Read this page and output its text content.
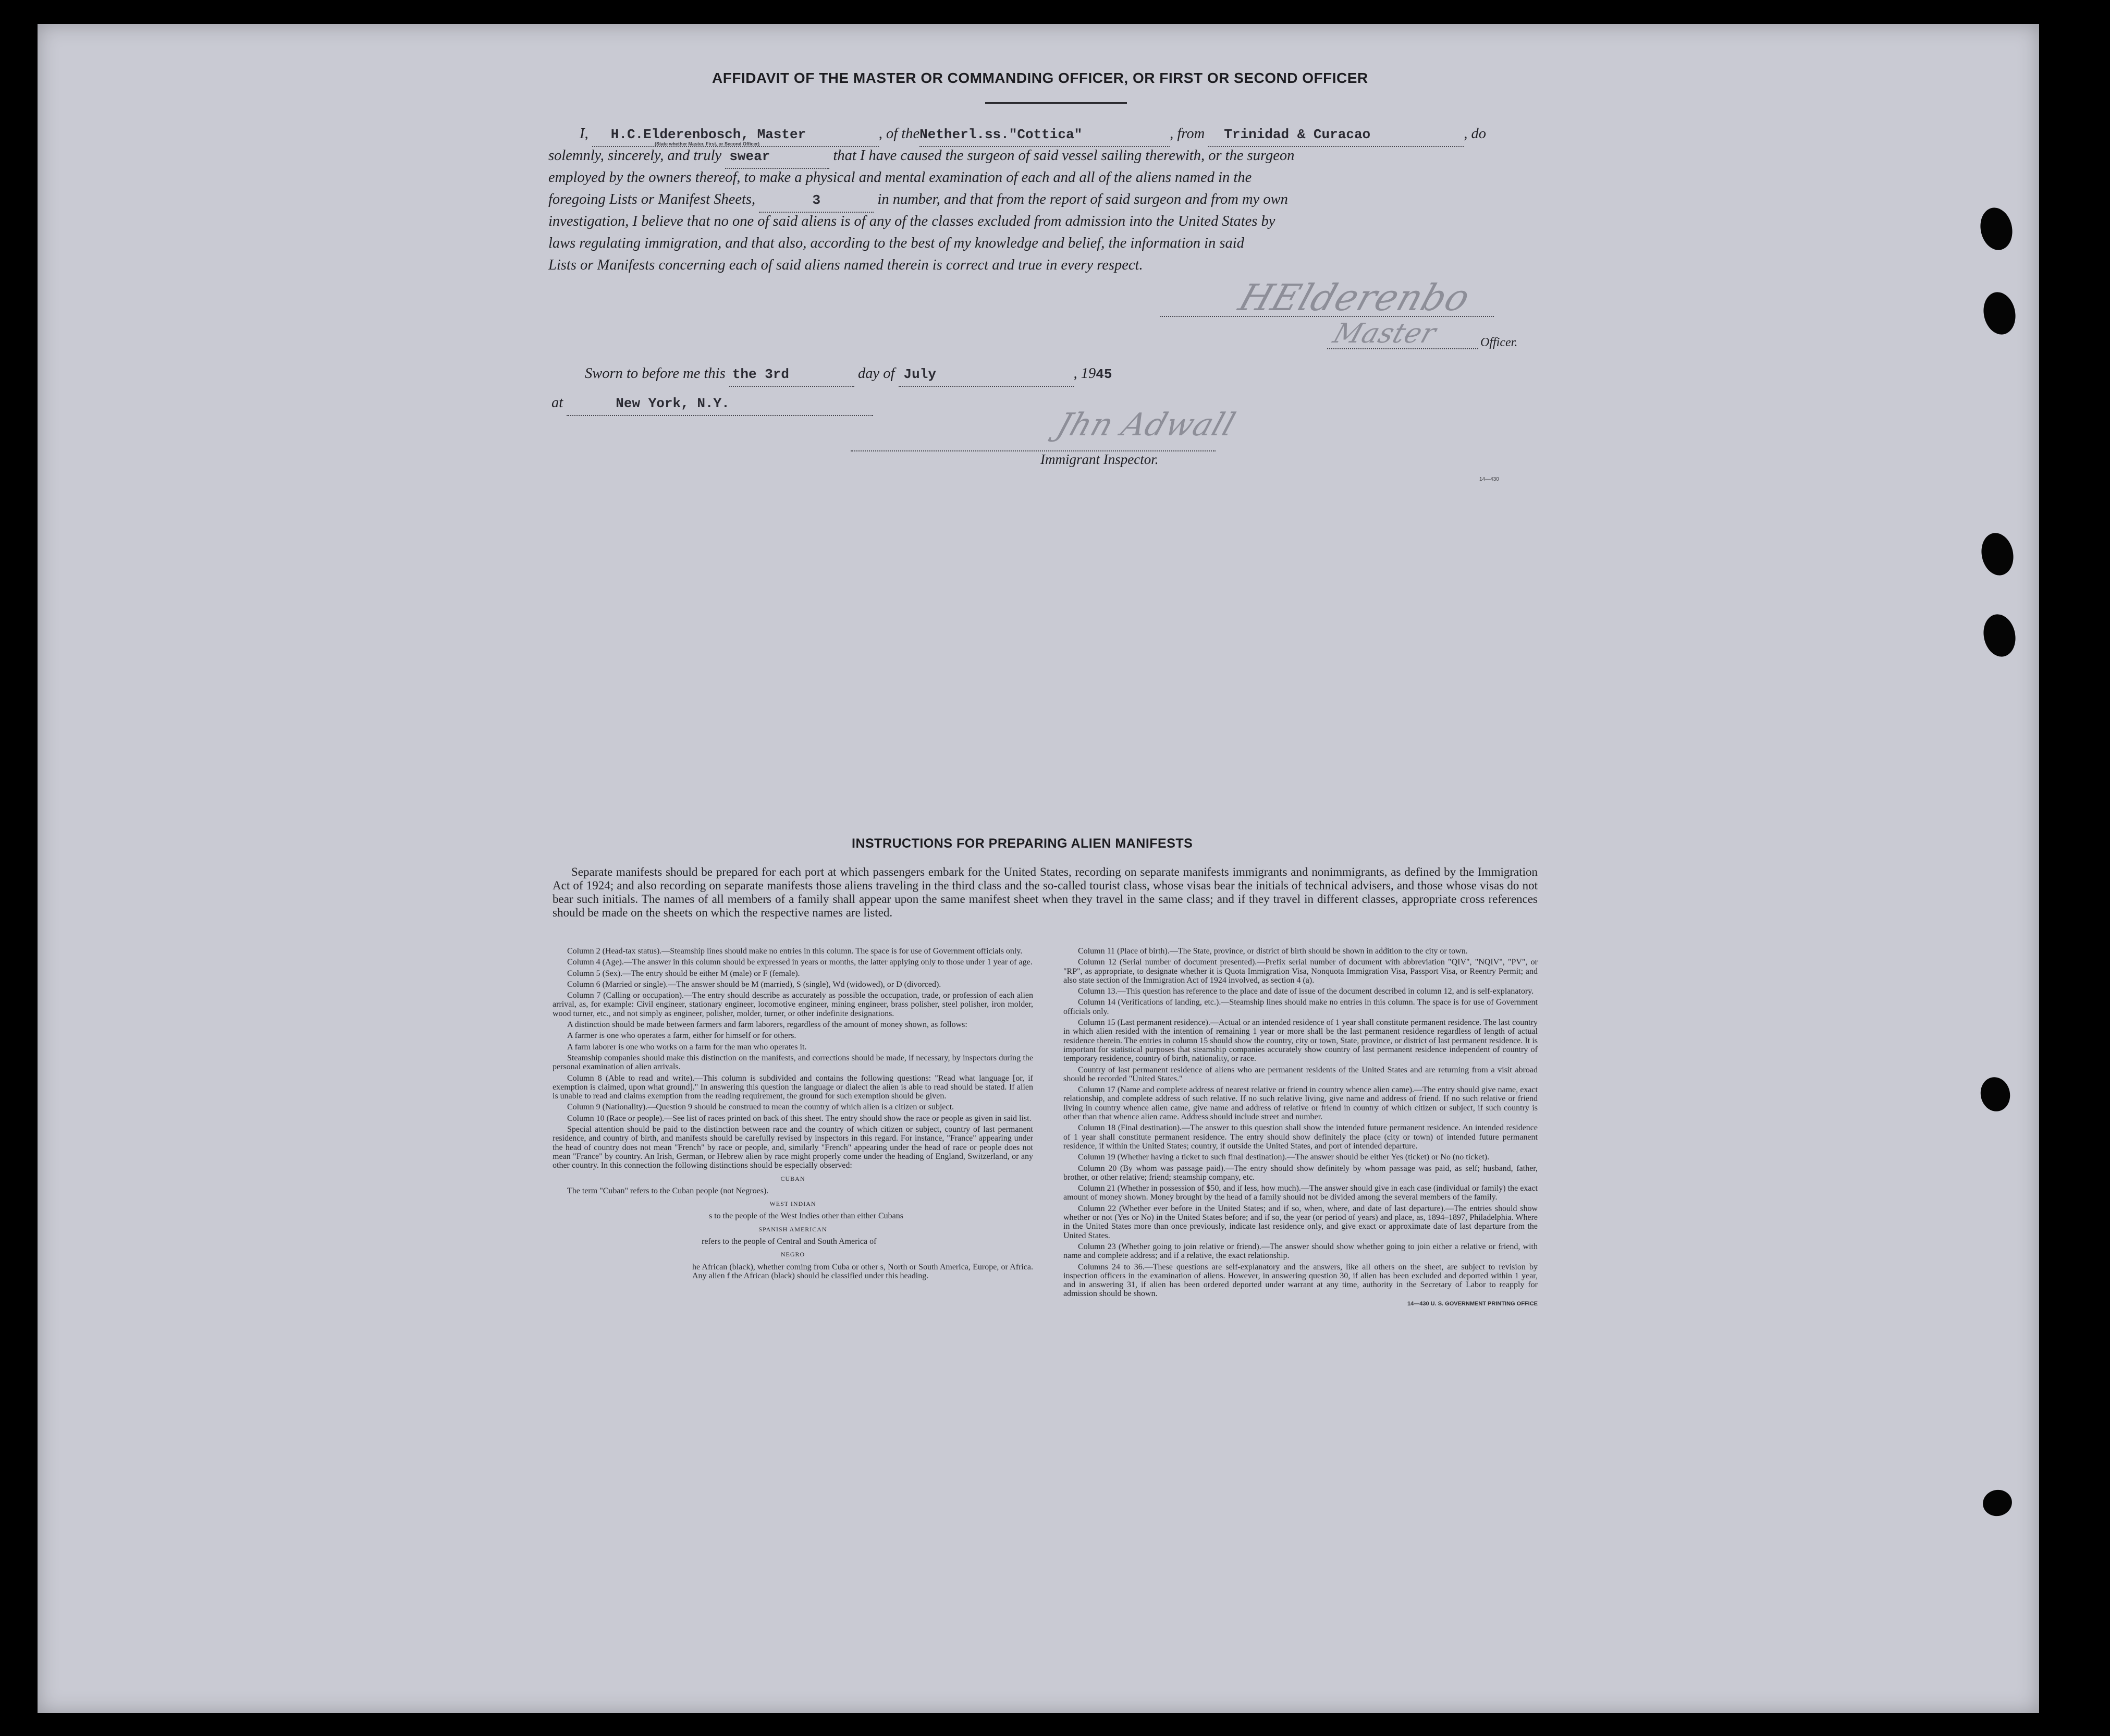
AFFIDAVIT OF THE MASTER OR COMMANDING OFFICER, OR FIRST OR SECOND OFFICER
I, H.C.Elderenbosch, Master	, of theNetherl.ss."Cottica"	, from Trinidad & Curacao	, do
(State whether Master, First, or Second Officer)
solemnly, sincerely, and truly swear	that I have caused the surgeon of said vessel sailing therewith, or the surgeon
employed by the owners thereof, to make a physical and mental examination of each and all of the aliens named in the
foregoing Lists or Manifest Sheets,	3	in number, and that from the report of said surgeon and from my own
investigation, I believe that no one of said aliens is of any of the classes excluded from admission into the United States by
laws regulating immigration, and that also, according to the best of my knowledge and belief, the information in said
Lists or Manifests concerning each of said aliens named therein is correct and true in every respect.
HElderenbo
Master	Officer.
Sworn to before me this the 3rd	day of July	, 1945
at	New York, N.Y.
Jhn Adwall
Immigrant Inspector.
14—430
INSTRUCTIONS FOR PREPARING ALIEN MANIFESTS
Separate manifests should be prepared for each port at which passengers embark for the United States, recording on separate manifests immigrants and nonimmigrants, as defined by the Immigration Act of 1924; and also recording on separate manifests those aliens traveling in the third class and the so-called tourist class, whose visas bear the initials of technical advisers, and those whose visas do not bear such initials. The names of all members of a family shall appear upon the same manifest sheet when they travel in the same class; and if they travel in different classes, appropriate cross references should be made on the sheets on which the respective names are listed.

Column 2 (Head-tax status).—Steamship lines should make no entries in this column. The space is for use of Government officials only.

Column 4 (Age).—The answer in this column should be expressed in years or months, the latter applying only to those under 1 year of age.

Column 5 (Sex).—The entry should be either M (male) or F (female).

Column 6 (Married or single).—The answer should be M (married), S (single), Wd (widowed), or D (divorced).

Column 7 (Calling or occupation).—The entry should describe as accurately as possible the occupation, trade, or profession of each alien arrival, as, for example: Civil engineer, stationary engineer, locomotive engineer, mining engineer, brass polisher, steel polisher, iron molder, wood turner, etc., and not simply as engineer, polisher, molder, turner, or other indefinite designations.

A distinction should be made between farmers and farm laborers, regardless of the amount of money shown, as follows:

A farmer is one who operates a farm, either for himself or for others.

A farm laborer is one who works on a farm for the man who operates it.

Steamship companies should make this distinction on the manifests, and corrections should be made, if necessary, by inspectors during the personal examination of alien arrivals.

Column 8 (Able to read and write).—This column is subdivided and contains the following questions: "Read what language [or, if exemption is claimed, upon what ground]." In answering this question the language or dialect the alien is able to read should be stated. If alien is unable to read and claims exemption from the reading requirement, the ground for such exemption should be given.

Column 9 (Nationality).—Question 9 should be construed to mean the country of which alien is a citizen or subject.

Column 10 (Race or people).—See list of races printed on back of this sheet. The entry should show the race or people as given in said list.

Special attention should be paid to the distinction between race and the country of which citizen or subject, country of last permanent residence, and country of birth, and manifests should be carefully revised by inspectors in this regard. For instance, "France" appearing under the head of country does not mean "French" by race or people, and, similarly "French" appearing under the head of race or people does not mean "France" by country. An Irish, German, or Hebrew alien by race might properly come under the heading of England, Switzerland, or any other country. In this connection the following distinctions should be especially observed:

CUBAN

The term "Cuban" refers to the Cuban people (not Negroes).

WEST INDIAN

s to the people of the West Indies other than either Cubans

SPANISH AMERICAN

refers to the people of Central and South America of

NEGRO

he African (black), whether coming from Cuba or other s, North or South America, Europe, or Africa. Any alien f the African (black) should be classified under this heading.

Column 11 (Place of birth).—The State, province, or district of birth should be shown in addition to the city or town.

Column 12 (Serial number of document presented).—Prefix serial number of document with abbreviation "QIV", "NQIV", "PV", or "RP", as appropriate, to designate whether it is Quota Immigration Visa, Nonquota Immigration Visa, Passport Visa, or Reentry Permit; and also state section of the Immigration Act of 1924 involved, as section 4 (a).

Column 13.—This question has reference to the place and date of issue of the document described in column 12, and is self-explanatory.

Column 14 (Verifications of landing, etc.).—Steamship lines should make no entries in this column. The space is for use of Government officials only.

Column 15 (Last permanent residence).—Actual or an intended residence of 1 year shall constitute permanent residence. The last country in which alien resided with the intention of remaining 1 year or more shall be the last permanent residence regardless of length of actual residence therein. The entries in column 15 should show the country, city or town, State, province, or district of last permanent residence. It is important for statistical purposes that steamship companies accurately show country of last permanent residence independent of country of temporary residence, country of birth, nationality, or race.

Country of last permanent residence of aliens who are permanent residents of the United States and are returning from a visit abroad should be recorded "United States."

Column 17 (Name and complete address of nearest relative or friend in country whence alien came).—The entry should give name, exact relationship, and complete address of such relative. If no such relative living, give name and address of friend. If no such relative or friend living in country whence alien came, give name and address of relative or friend in country of which citizen or subject, if such country is other than that whence alien came. Address should include street and number.

Column 18 (Final destination).—The answer to this question shall show the intended future permanent residence. An intended residence of 1 year shall constitute permanent residence. The entry should show definitely the place (city or town) of intended future permanent residence, if within the United States; country, if outside the United States, and port of intended departure.

Column 19 (Whether having a ticket to such final destination).—The answer should be either Yes (ticket) or No (no ticket).

Column 20 (By whom was passage paid).—The entry should show definitely by whom passage was paid, as self; husband, father, brother, or other relative; friend; steamship company, etc.

Column 21 (Whether in possession of $50, and if less, how much).—The answer should give in each case (individual or family) the exact amount of money shown. Money brought by the head of a family should not be divided among the several members of the family.

Column 22 (Whether ever before in the United States; and if so, when, where, and date of last departure).—The entries should show whether or not (Yes or No) in the United States before; and if so, the year (or period of years) and place, as, 1894–1897, Philadelphia. Where in the United States more than once previously, indicate last residence only, and give exact or approximate date of last departure from the United States.

Column 23 (Whether going to join relative or friend).—The answer should show whether going to join either a relative or friend, with name and complete address; and if a relative, the exact relationship.

Columns 24 to 36.—These questions are self-explanatory and the answers, like all others on the sheet, are subject to revision by inspection officers in the examination of aliens. However, in answering question 30, if alien has been excluded and deported within 1 year, and in answering 31, if alien has been ordered deported under warrant at any time, authority in the Secretary of Labor to reapply for admission should be shown.

14—430 U. S. GOVERNMENT PRINTING OFFICE
